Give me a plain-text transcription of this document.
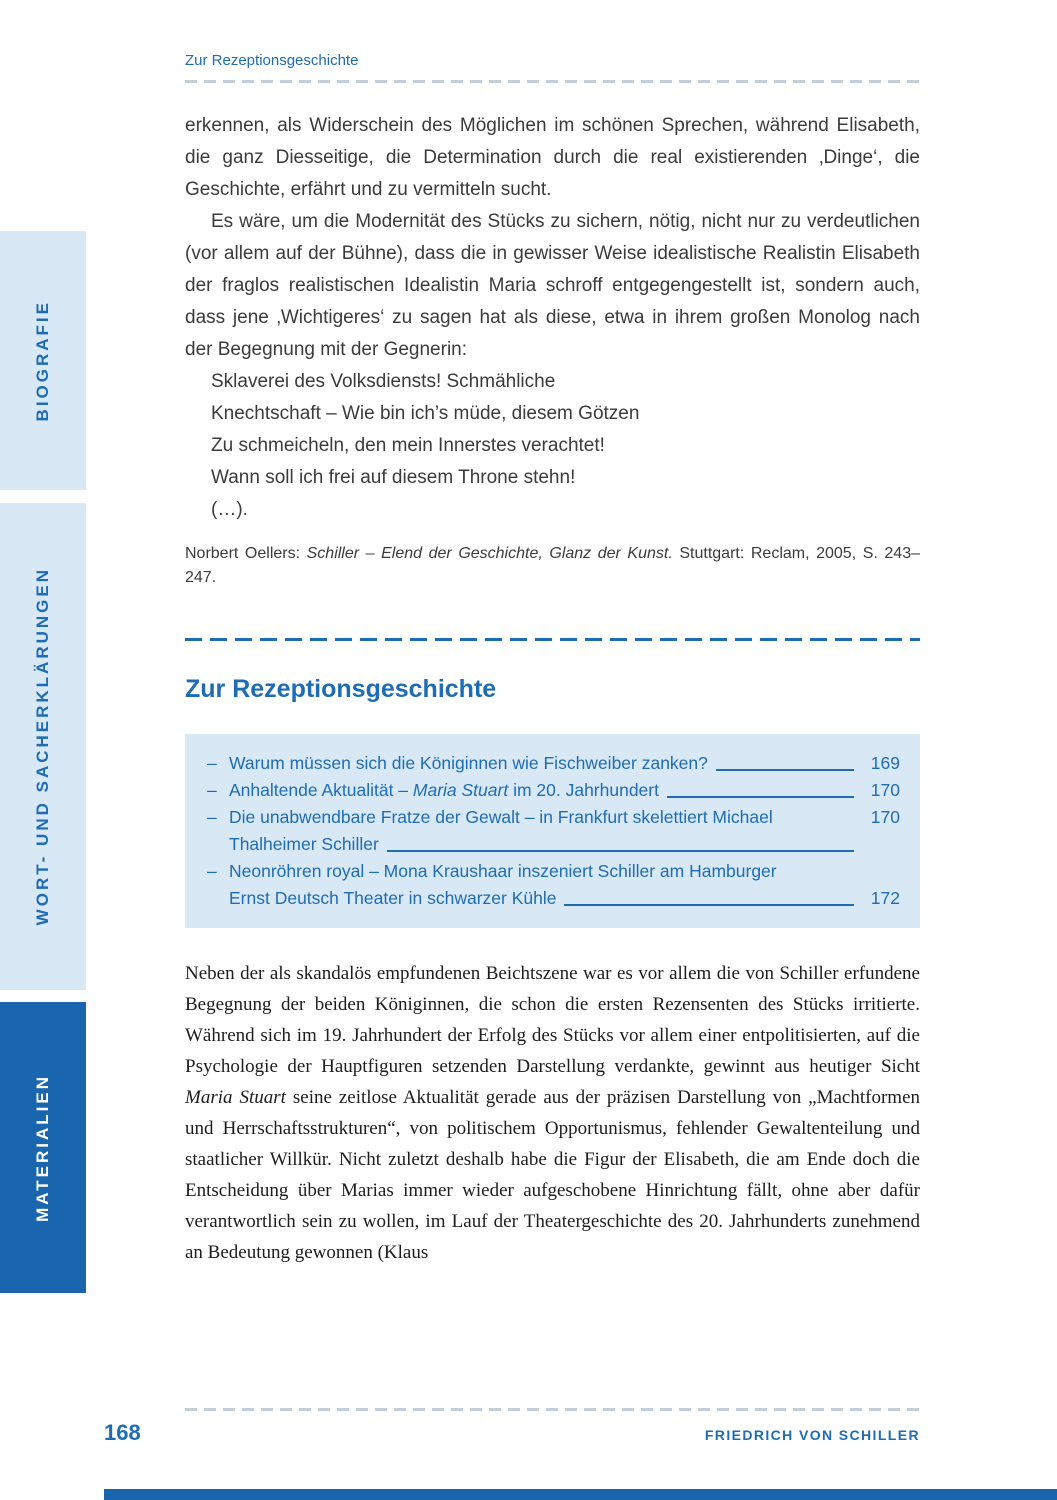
BIOGRAFIE
WORT- UND SACHERKLÄRUNGEN
MATERIALIEN
Zur Rezeptionsgeschichte

erkennen, als Widerschein des Möglichen im schönen Sprechen, während Elisabeth, die ganz Diesseitige, die Determination durch die real existierenden ‚Dinge‘, die Geschichte, erfährt und zu vermitteln sucht.

Es wäre, um die Modernität des Stücks zu sichern, nötig, nicht nur zu verdeutlichen (vor allem auf der Bühne), dass die in gewisser Weise idealistische Realistin Elisabeth der fraglos realistischen Idealistin Maria schroff entgegengestellt ist, sondern auch, dass jene ‚Wichtigeres‘ zu sagen hat als diese, etwa in ihrem großen Monolog nach der Begegnung mit der Gegnerin:

Sklaverei des Volksdiensts! Schmähliche
Knechtschaft – Wie bin ich’s müde, diesem Götzen
Zu schmeicheln, den mein Innerstes verachtet!
Wann soll ich frei auf diesem Throne stehn!
(…).

Norbert Oellers: Schiller – Elend der Geschichte, Glanz der Kunst. Stuttgart: Reclam, 2005, S. 243–247.

Zur Rezeptionsgeschichte
– Warum müssen sich die Königinnen wie Fischweiber zanken?	169
– Anhaltende Aktualität – Maria Stuart im 20. Jahrhundert	170
– Die unabwendbare Fratze der Gewalt – in Frankfurt skelettiert Michael	170
Thalheimer Schiller
– Neonröhren royal – Mona Kraushaar inszeniert Schiller am Hamburger
Ernst Deutsch Theater in schwarzer Kühle	172

Neben der als skandalös empfundenen Beichtszene war es vor allem die von Schiller erfundene Begegnung der beiden Königinnen, die schon die ersten Rezensenten des Stücks irritierte. Während sich im 19. Jahrhundert der Erfolg des Stücks vor allem einer entpolitisierten, auf die Psychologie der Hauptfiguren setzenden Darstellung verdankte, gewinnt aus heutiger Sicht Maria Stuart seine zeitlose Aktualität gerade aus der präzisen Darstellung von „Machtformen und Herrschaftsstrukturen“, von politischem Opportunismus, fehlender Gewaltenteilung und staatlicher Willkür. Nicht zuletzt deshalb habe die Figur der Elisabeth, die am Ende doch die Entscheidung über Marias immer wieder aufgeschobene Hinrichtung fällt, ohne aber dafür verantwortlich sein zu wollen, im Lauf der Theatergeschichte des 20. Jahrhunderts zunehmend an Bedeutung gewonnen (Klaus

168	FRIEDRICH VON SCHILLER
